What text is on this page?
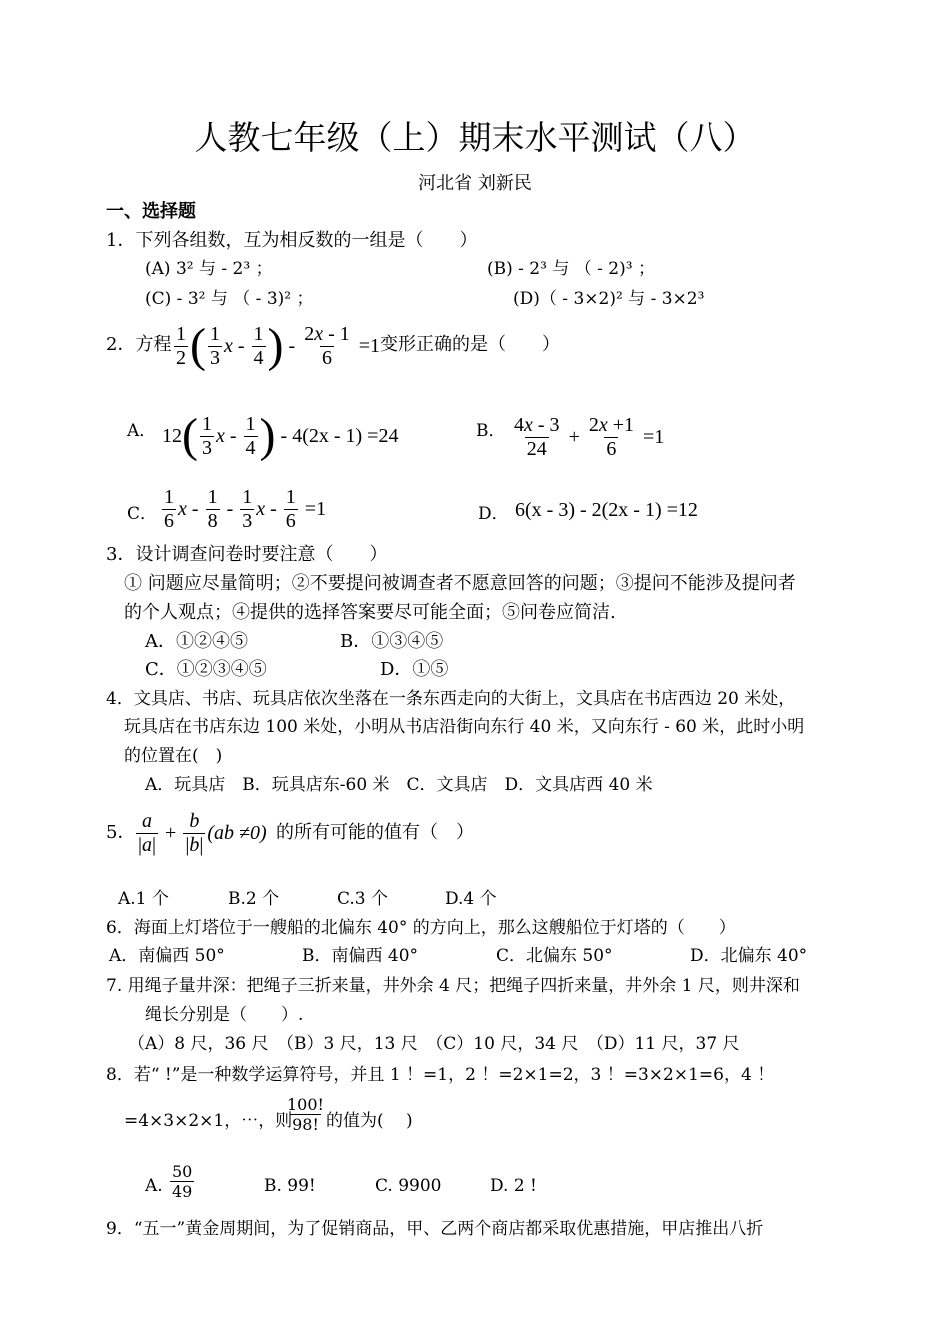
人教七年级（上）期末水平测试（八）
河北省 刘新民
一、选择题
1．下列各组数，互为相反数的一组是（　　）
(A) 3² 与 - 2³ ；	(B) - 2³ 与 （ - 2)³ ；
(C) - 3² 与 （ - 3)² ；	(D)（ - 3×2)² 与 - 3×2³
2．方程 $\frac{1}{2}$ ( $\frac{1}{3}$ x - $\frac{1}{4}$ ) - $\frac{2x - 1}{6} =1$ 变形正确的是（　　）
A． 12 ( $\frac{1}{3}$ x - $\frac{1}{4}$ )
- 4(2x - 1) =24	B． $\frac{4x - 3}{24} + \frac{2x +1}{6} =1$
C． $\frac{1}{6}$ x - $\frac{1}{8} - \frac{1}{3}$ $x - \frac{1}{6} =1$	D． 6(x - 3) - 2(2x - 1) =12
3．设计调查问卷时要注意（　　）
① 问题应尽量简明；②不要提问被调查者不愿意回答的问题；③提问不能涉及提问者
的个人观点；④提供的选择答案要尽可能全面；⑤问卷应简洁.
A．①②④⑤	B．①③④⑤
C．①②③④⑤	D．①⑤
4．文具店、书店、玩具店依次坐落在一条东西走向的大街上，文具店在书店西边 20 米处，
玩具店在书店东边 100 米处，小明从书店沿街向东行 40 米，又向东行 - 60 米，此时小明
的位置在(　)
A．玩具店　B．玩具店东-60 米　C．文具店　D．文具店西 40 米
5． $\frac{a}{|a|} + \frac{b}{|b|} (ab \ne 0)$ 的所有可能的值有（　）
A.1 个	B.2 个	C.3 个	D.4 个
6．海面上灯塔位于一艘船的北偏东 40° 的方向上，那么这艘船位于灯塔的（　　）
A．南偏西 50°	B．南偏西 40°	C．北偏东 50°	D．北偏东 40°
7. 用绳子量井深：把绳子三折来量，井外余 4 尺；把绳子四折来量，井外余 1 尺，则井深和
绳长分别是（　　）.
（A）8 尺，36 尺　（B）3 尺，13 尺　（C）10 尺，34 尺　（D）11 尺，37 尺
8．若“ !”是一种数学运算符号，并且 1 ！=1，2 ！=2×1=2，3 ！=3×2×1=6，4 ！
=4×3×2×1，⋯，则
$\frac{100!}{98!}$ 的值为(　 )
A. $\frac{50}{49}$	B. 99!	C. 9900	D. 2 !
9．“五一”黄金周期间，为了促销商品，甲、乙两个商店都采取优惠措施，甲店推出八折
